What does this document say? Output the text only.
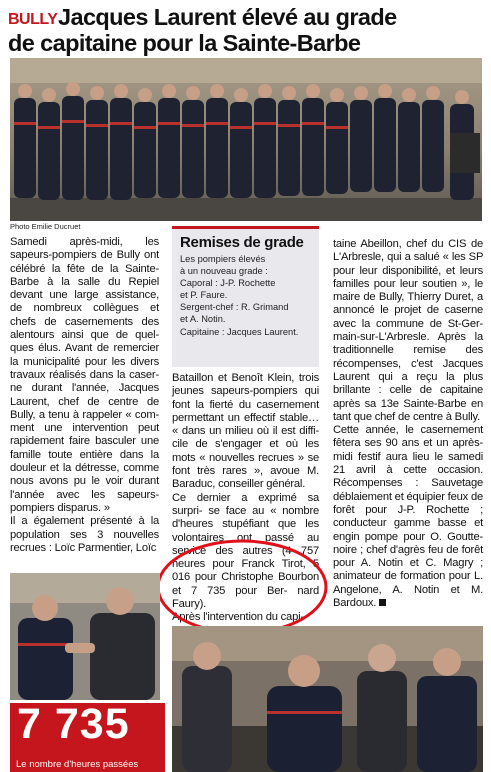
BULLY Jacques Laurent élevé au grade
de capitaine pour la Sainte-Barbe
Photo Emilie Ducruet

Samedi après-midi, les sapeurs-pompiers de Bully ont célébré la fête de la Sainte- Barbe à la salle du Repiel devant une large assistance, de nombreux collègues et chefs de casernements des alentours ainsi que de quel- ques élus. Avant de remercier la municipalité pour les divers travaux réalisés dans la caser- ne durant l'année, Jacques Laurent, chef de centre de Bully, a tenu à rappeler « com- ment une intervention peut rapidement faire basculer une famille toute entière dans la douleur et la détresse, comme nous avons pu le voir durant l'année avec les sapeurs-pompiers disparus. »

Il a également présenté à la population ses 3 nouvelles recrues : Loïc Parmentier, Loïc

Remises de grade
Les pompiers élevés
à un nouveau grade :
Caporal : J-P. Rochette
et P. Faure.
Sergent-chef : R. Grimand
et A. Notin.
Capitaine : Jacques Laurent.

Bataillon et Benoît Klein, trois jeunes sapeurs-pompiers qui font la fierté du casernement permettant un effectif stable… « dans un milieu où il est diffi- cile de s'engager et où les mots « nouvelles recrues » se font très rares », avoue M. Baraduc, conseiller général.

Ce dernier a exprimé sa surpri- se face au « nombre d'heures stupéfiant que les volontaires ont passé au service des autres (4 757 heures pour Franck Tirot, 5 016 pour Christophe Bourbon et 7 735 pour Ber- nard Faury).

Après l'intervention du capi-

taine Abeillon, chef du CIS de L'Arbresle, qui a salué « les SP pour leur disponibilité, et leurs familles pour leur soutien », le maire de Bully, Thierry Duret, a annoncé le projet de caserne avec la commune de St-Ger- main-sur-L'Arbresle. Après la traditionnelle remise des récompenses, c'est Jacques Laurent qui a reçu la plus brillante : celle de capitaine après sa 13e Sainte-Barbe en tant que chef de centre à Bully.

Cette année, le casernement fêtera ses 90 ans et un après- midi festif aura lieu le samedi 21 avril à cette occasion. Récompenses : Sauvetage déblaiement et équipier feux de forêt pour J-P. Rochette ; conducteur gamme basse et engin pompe pour O. Goutte- noire ; chef d'agrès feu de forêt pour A. Notin et C. Magry ; animateur de formation pour L. Angelone, A. Notin et M. Bardoux.

7 735
Le nombre d'heures passées
